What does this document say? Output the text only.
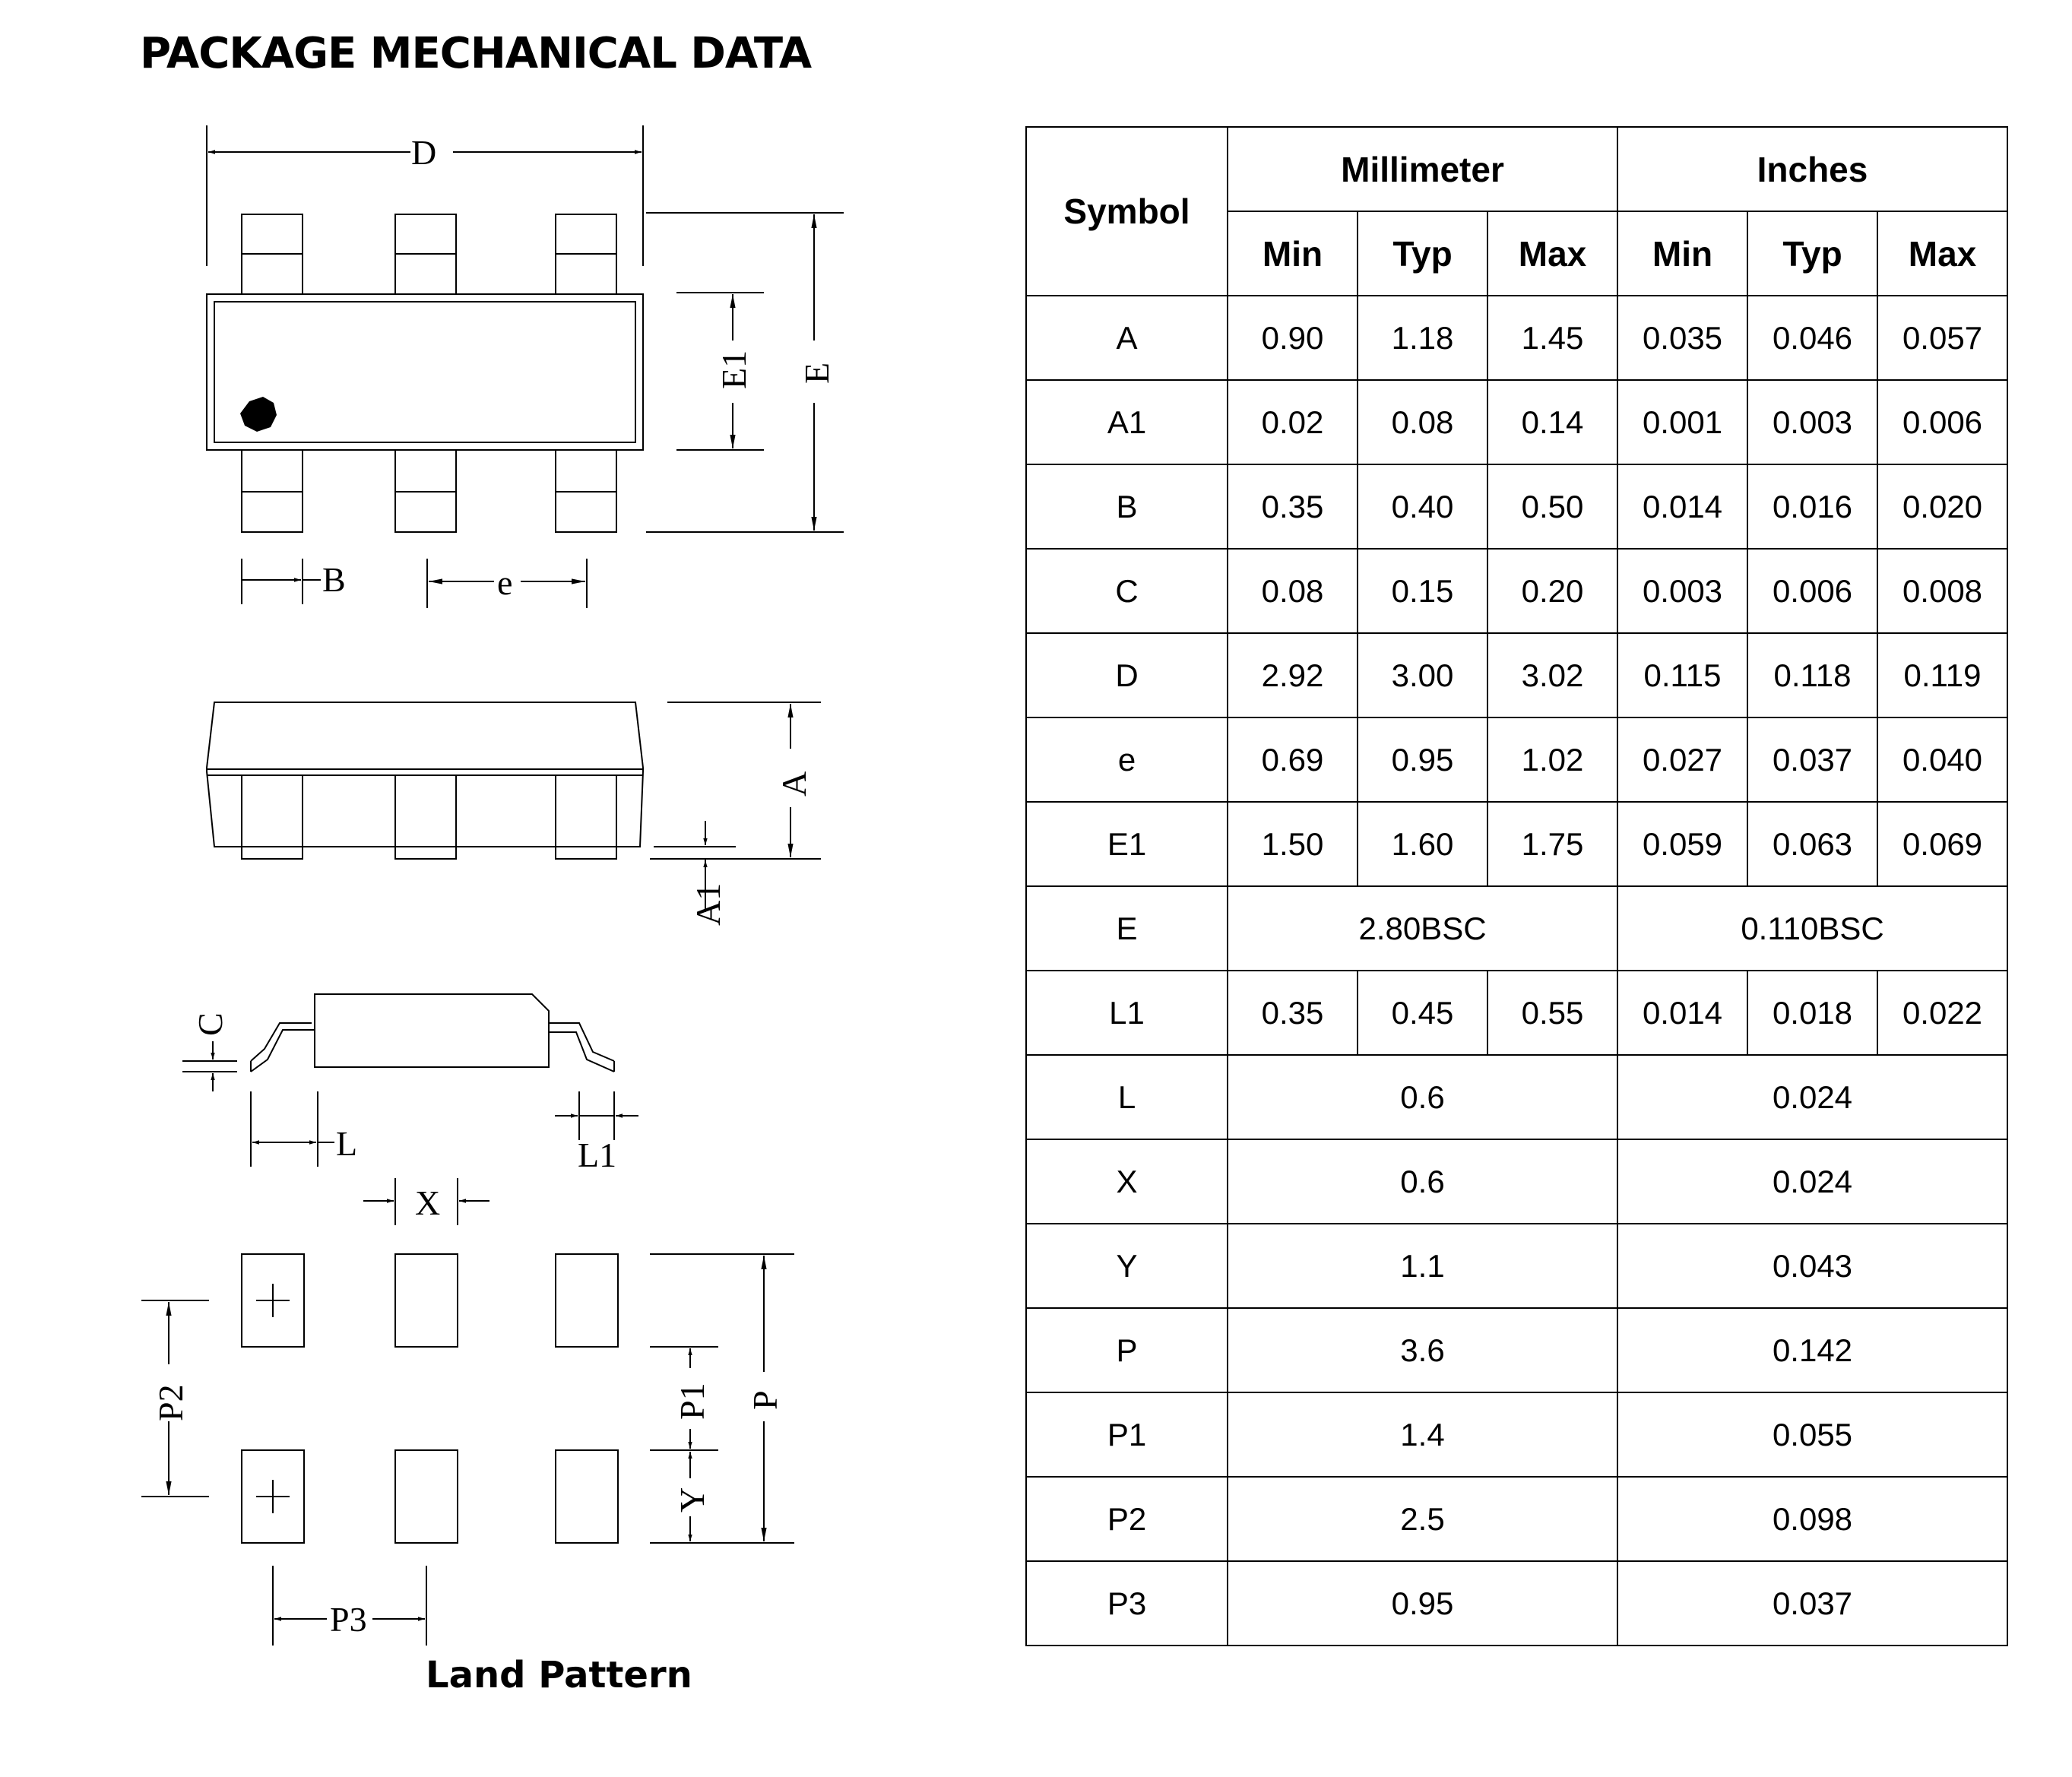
PACKAGE MECHANICAL DATA
D
E1 E
B	e
A
A1
C
L	L1
X
P2	P1 P
Y
P3

Land Pattern

Symbol	Millimeter			Inches		
	Min	Typ	Max	Min	Typ	Max
A	0.90	1.18	1.45	0.035	0.046	0.057
A1	0.02	0.08	0.14	0.001	0.003	0.006
B	0.35	0.40	0.50	0.014	0.016	0.020
C	0.08	0.15	0.20	0.003	0.006	0.008
D	2.92	3.00	3.02	0.115	0.118	0.119
e	0.69	0.95	1.02	0.027	0.037	0.040
E1	1.50	1.60	1.75	0.059	0.063	0.069
E	2.80BSC			0.110BSC		
L1	0.35	0.45	0.55	0.014	0.018	0.022
L	0.6			0.024		
X	0.6			0.024		
Y	1.1			0.043		
P	3.6			0.142		
P1	1.4			0.055		
P2	2.5			0.098		
P3	0.95			0.037		
